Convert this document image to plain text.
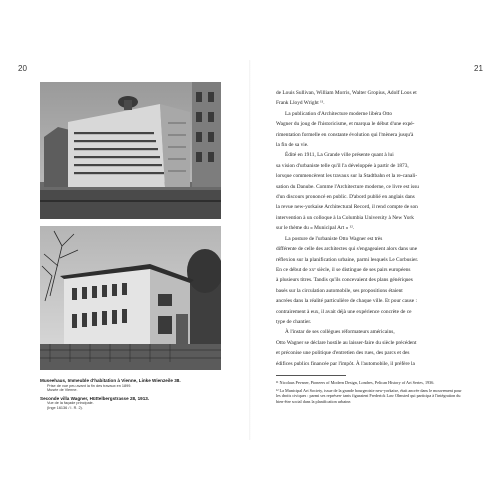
20	21
Museehaus, Immeuble d'habitation à Vienne, Linke Wienzeile 38.
Prise de vue peu avant la fin des travaux en 1899.
Musée de Vienne.
Seconde villa Wagner, Hüttelbergstrasse 28, 1913.
Vue de la façade principale.
(Inge 16136 / I. R. 2).
de Louis Sullivan, William Morris, Walter Gropius, Adolf Loos et
Frank Lloyd Wright ¹¹.
La publication d'Architecture moderne libéra Otto
Wagner du joug de l'historicisme, et marqua le début d'une expé-
rimentation formelle en constante évolution qui l'mènera jusqu'à
la fin de sa vie.
Édité en 1911, La Grande ville présente quant à lui
sa vision d'urbaniste telle qu'il l'a développée à partir de 1873,
lorsque commencèrent les travaux sur la Stadtbahn et la re-canali-
sation du Danube. Comme l'Architecture moderne, ce livre est issu
d'un discours prononcé en public. D'abord publié en anglais dans
la revue new-yorkaise Architectural Record, il rend compte de son
intervention à un colloque à la Columbia University à New York
sur le thème du « Municipal Art » ¹².
La posture de l'urbaniste Otto Wagner est très
différente de celle des architectes qui s'engageaient alors dans une
réflexion sur la planification urbaine, parmi lesquels Le Corbusier.
En ce début de xxᵉ siècle, il se distingue de ses pairs européens
à plusieurs titres. Tandis qu'ils concevaient des plans génériques
basés sur la circulation automobile, ses propositions étaient
ancrées dans la réalité particulière de chaque ville. Et pour cause :
contrairement à eux, il avait déjà une expérience concrète de ce
type de chantier.
À l'instar de ses collègues réformateurs américains,
Otto Wagner se déclare hostile au laisser-faire du siècle précédent
et préconise une politique d'entretien des rues, des parcs et des
édifices publics financée par l'impôt. À l'automobile, il préfère la
¹¹ Nicolaus Pevsner, Pioneers of Modern Design, Londres, Pelican History of Art Series, 1936.
¹² La Municipal Art Society, issue de la grande bourgeoisie new-yorkaise, était ancrée dans le mouvement pour les droits civiques : parmi ses représen- tants figuraient Frederick Law Olmsted qui participa à l'intégration du bien-être social dans la planification urbaine.
